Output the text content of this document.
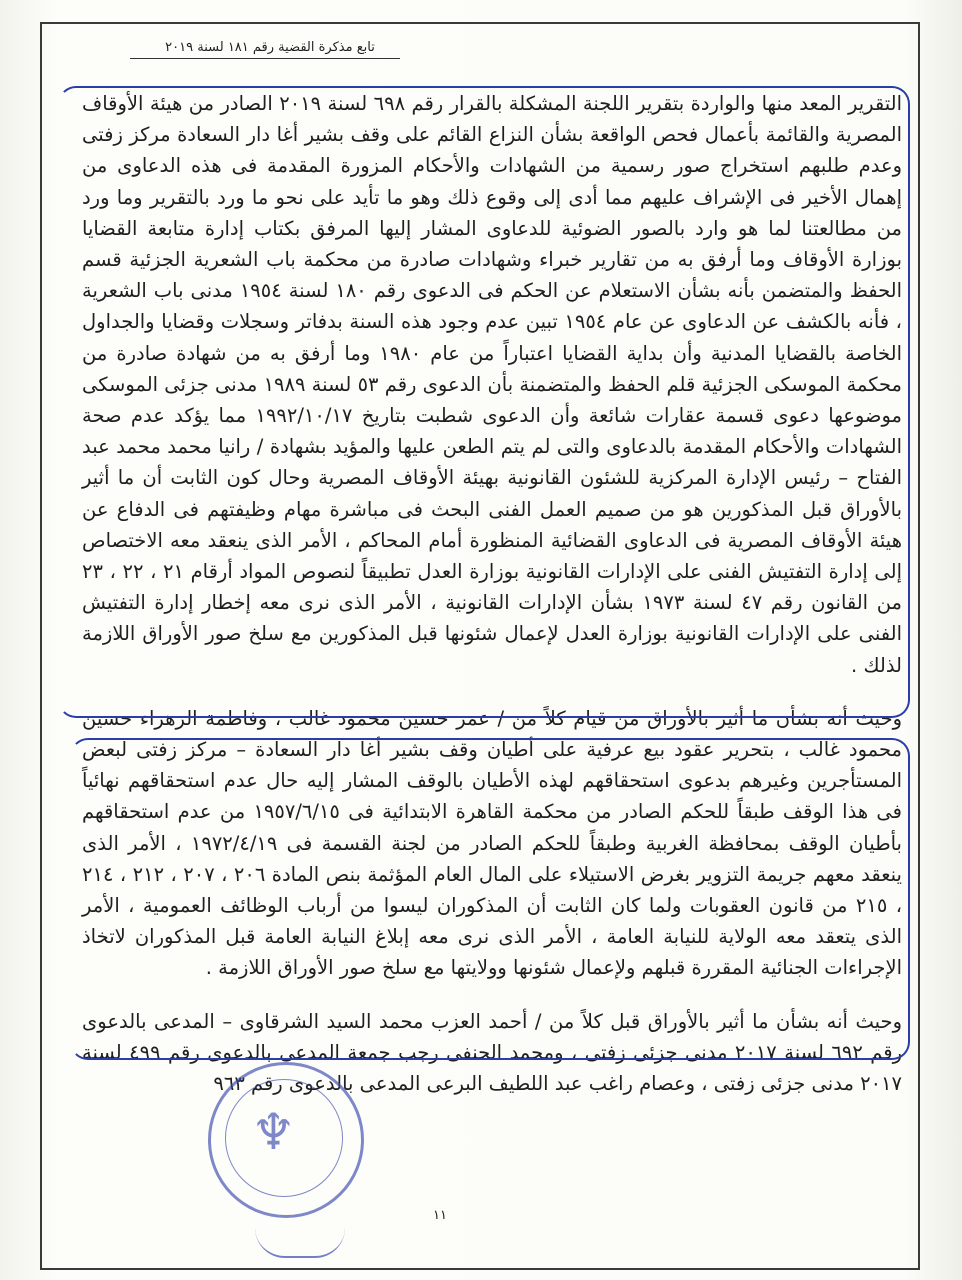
تابع مذكرة القضية رقم ١٨١ لسنة ٢٠١٩

التقرير المعد منها والواردة بتقرير اللجنة المشكلة بالقرار رقم ٦٩٨ لسنة ٢٠١٩ الصادر من هيئة الأوقاف المصرية والقائمة بأعمال فحص الواقعة بشأن النزاع القائم على وقف بشير أغا دار السعادة مركز زفتى وعدم طلبهم استخراج صور رسمية من الشهادات والأحكام المزورة المقدمة فى هذه الدعاوى من إهمال الأخير فى الإشراف عليهم مما أدى إلى وقوع ذلك وهو ما تأيد على نحو ما ورد بالتقرير وما ورد من مطالعتنا لما هو وارد بالصور الضوئية للدعاوى المشار إليها المرفق بكتاب إدارة متابعة القضايا بوزارة الأوقاف وما أرفق به من تقارير خبراء وشهادات صادرة من محكمة باب الشعرية الجزئية قسم الحفظ والمتضمن بأنه بشأن الاستعلام عن الحكم فى الدعوى رقم ١٨٠ لسنة ١٩٥٤ مدنى باب الشعرية ، فأنه بالكشف عن الدعاوى عن عام ١٩٥٤ تبين عدم وجود هذه السنة بدفاتر وسجلات وقضايا والجداول الخاصة بالقضايا المدنية وأن بداية القضايا اعتباراً من عام ١٩٨٠ وما أرفق به من شهادة صادرة من محكمة الموسكى الجزئية قلم الحفظ والمتضمنة بأن الدعوى رقم ٥٣ لسنة ١٩٨٩ مدنى جزئى الموسكى موضوعها دعوى قسمة عقارات شائعة وأن الدعوى شطبت بتاريخ ١٩٩٢/١٠/١٧ مما يؤكد عدم صحة الشهادات والأحكام المقدمة بالدعاوى والتى لم يتم الطعن عليها والمؤيد بشهادة / رانيا محمد محمد عبد الفتاح – رئيس الإدارة المركزية للشئون القانونية بهيئة الأوقاف المصرية وحال كون الثابت أن ما أثير بالأوراق قبل المذكورين هو من صميم العمل الفنى البحث فى مباشرة مهام وظيفتهم فى الدفاع عن هيئة الأوقاف المصرية فى الدعاوى القضائية المنظورة أمام المحاكم ، الأمر الذى ينعقد معه الاختصاص إلى إدارة التفتيش الفنى على الإدارات القانونية بوزارة العدل تطبيقاً لنصوص المواد أرقام ٢١ ، ٢٢ ، ٢٣ من القانون رقم ٤٧ لسنة ١٩٧٣ بشأن الإدارات القانونية ، الأمر الذى نرى معه إخطار إدارة التفتيش الفنى على الإدارات القانونية بوزارة العدل لإعمال شئونها قبل المذكورين مع سلخ صور الأوراق اللازمة لذلك .

وحيث أنه بشأن ما أثير بالأوراق من قيام كلاً من / عمر حسين محمود غالب ، وفاطمة الزهراء حسين محمود غالب ، بتحرير عقود بيع عرفية على أطيان وقف بشير أغا دار السعادة – مركز زفتى لبعض المستأجرين وغيرهم بدعوى استحقاقهم لهذه الأطيان بالوقف المشار إليه حال عدم استحقاقهم نهائياً فى هذا الوقف طبقاً للحكم الصادر من محكمة القاهرة الابتدائية فى ١٩٥٧/٦/١٥ من عدم استحقاقهم بأطيان الوقف بمحافظة الغربية وطبقاً للحكم الصادر من لجنة القسمة فى ١٩٧٢/٤/١٩ ، الأمر الذى ينعقد معهم جريمة التزوير بغرض الاستيلاء على المال العام المؤثمة بنص المادة ٢٠٦ ، ٢٠٧ ، ٢١٢ ، ٢١٤ ، ٢١٥ من قانون العقوبات ولما كان الثابت أن المذكوران ليسوا من أرباب الوظائف العمومية ، الأمر الذى يتعقد معه الولاية للنيابة العامة ، الأمر الذى نرى معه إبلاغ النيابة العامة قبل المذكوران لاتخاذ الإجراءات الجنائية المقررة قبلهم ولإعمال شئونها وولايتها مع سلخ صور الأوراق اللازمة .

وحيث أنه بشأن ما أثير بالأوراق قبل كلاً من / أحمد العزب محمد السيد الشرقاوى – المدعى بالدعوى رقم ٦٩٢ لسنة ٢٠١٧ مدنى جزئى زفتى ، ومحمد الحنفى رجب جمعة المدعى بالدعوى رقم ٤٩٩ لسنة ٢٠١٧ مدنى جزئى زفتى ، وعصام راغب عبد اللطيف البرعى المدعى بالدعوى رقم ٩٦٣

♆
١١
